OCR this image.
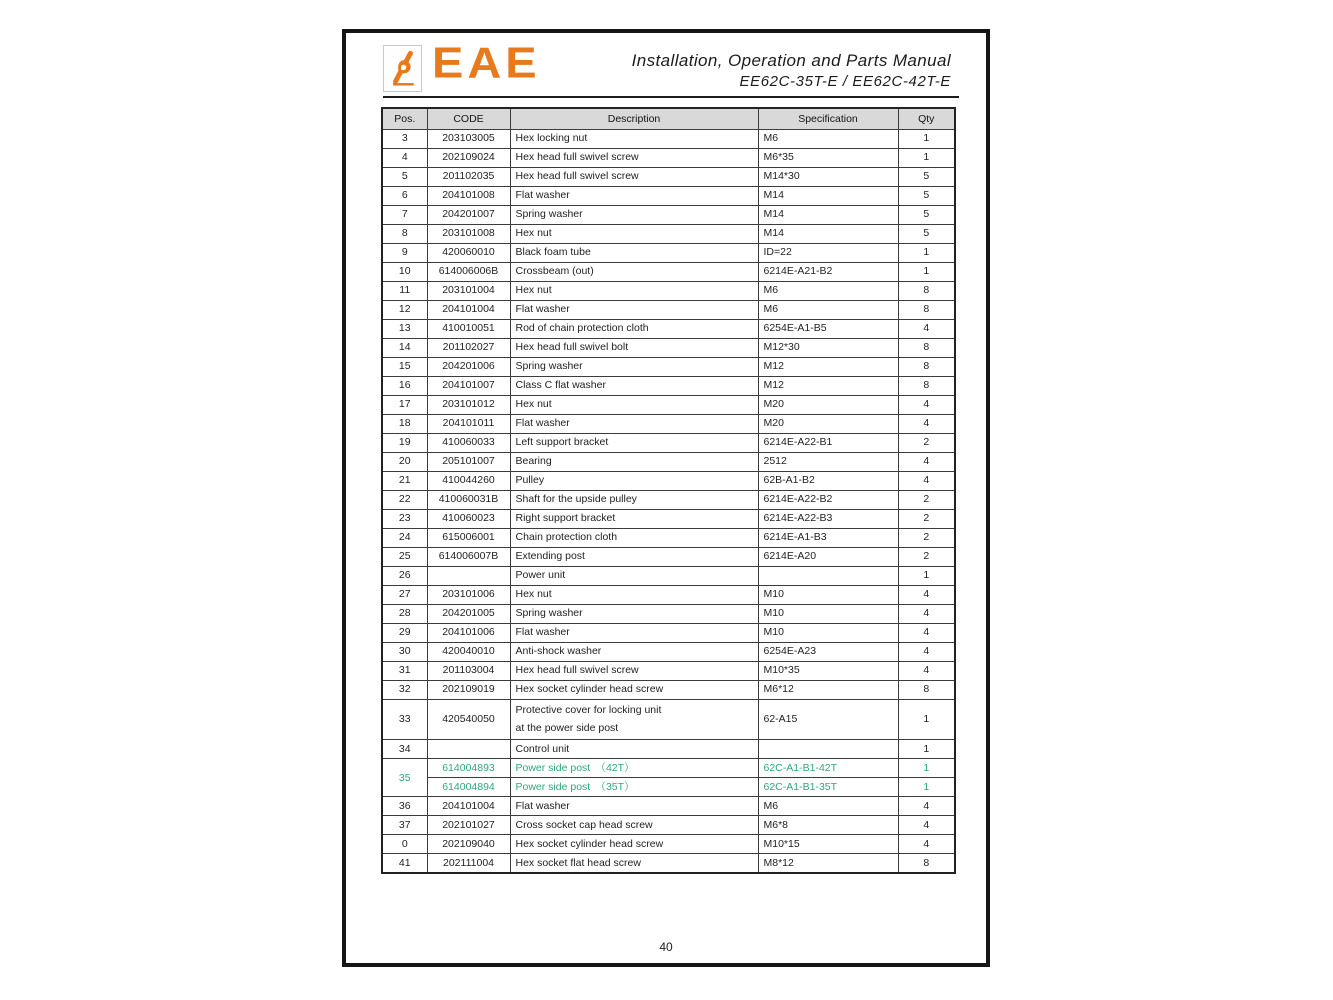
EAE	Installation, Operation and Parts Manual
EE62C-35T-E / EE62C-42T-E
Pos.	CODE	Description	Specification	Qty
3	203103005	Hex locking nut	M6	1
4	202109024	Hex head full swivel screw	M6*35	1
5	201102035	Hex head full swivel screw	M14*30	5
6	204101008	Flat washer	M14	5
7	204201007	Spring washer	M14	5
8	203101008	Hex nut	M14	5
9	420060010	Black foam tube	ID=22	1
10	614006006B	Crossbeam (out)	6214E-A21-B2	1
11	203101004	Hex nut	M6	8
12	204101004	Flat washer	M6	8
13	410010051	Rod of chain protection cloth	6254E-A1-B5	4
14	201102027	Hex head full swivel bolt	M12*30	8
15	204201006	Spring washer	M12	8
16	204101007	Class C flat washer	M12	8
17	203101012	Hex nut	M20	4
18	204101011	Flat washer	M20	4
19	410060033	Left support bracket	6214E-A22-B1	2
20	205101007	Bearing	2512	4
21	410044260	Pulley	62B-A1-B2	4
22	410060031B	Shaft for the upside pulley	6214E-A22-B2	2
23	410060023	Right support bracket	6214E-A22-B3	2
24	615006001	Chain protection cloth	6214E-A1-B3	2
25	614006007B	Extending post	6214E-A20	2
26		Power unit		1
27	203101006	Hex nut	M10	4
28	204201005	Spring washer	M10	4
29	204101006	Flat washer	M10	4
30	420040010	Anti-shock washer	6254E-A23	4
31	201103004	Hex head full swivel screw	M10*35	4
32	202109019	Hex socket cylinder head screw	M6*12	8
33	420540050	Protective cover for locking unit
at the power side post	62-A15	1
34		Control unit		1
35	614004893	Power side post　（42T）	62C-A1-B1-42T	1
	614004894	Power side post　（35T）	62C-A1-B1-35T	1
36	204101004	Flat washer	M6	4
37	202101027	Cross socket cap head screw	M6*8	4
0	202109040	Hex socket cylinder head screw	M10*15	4
41	202111004	Hex socket flat head screw	M8*12	8
40
